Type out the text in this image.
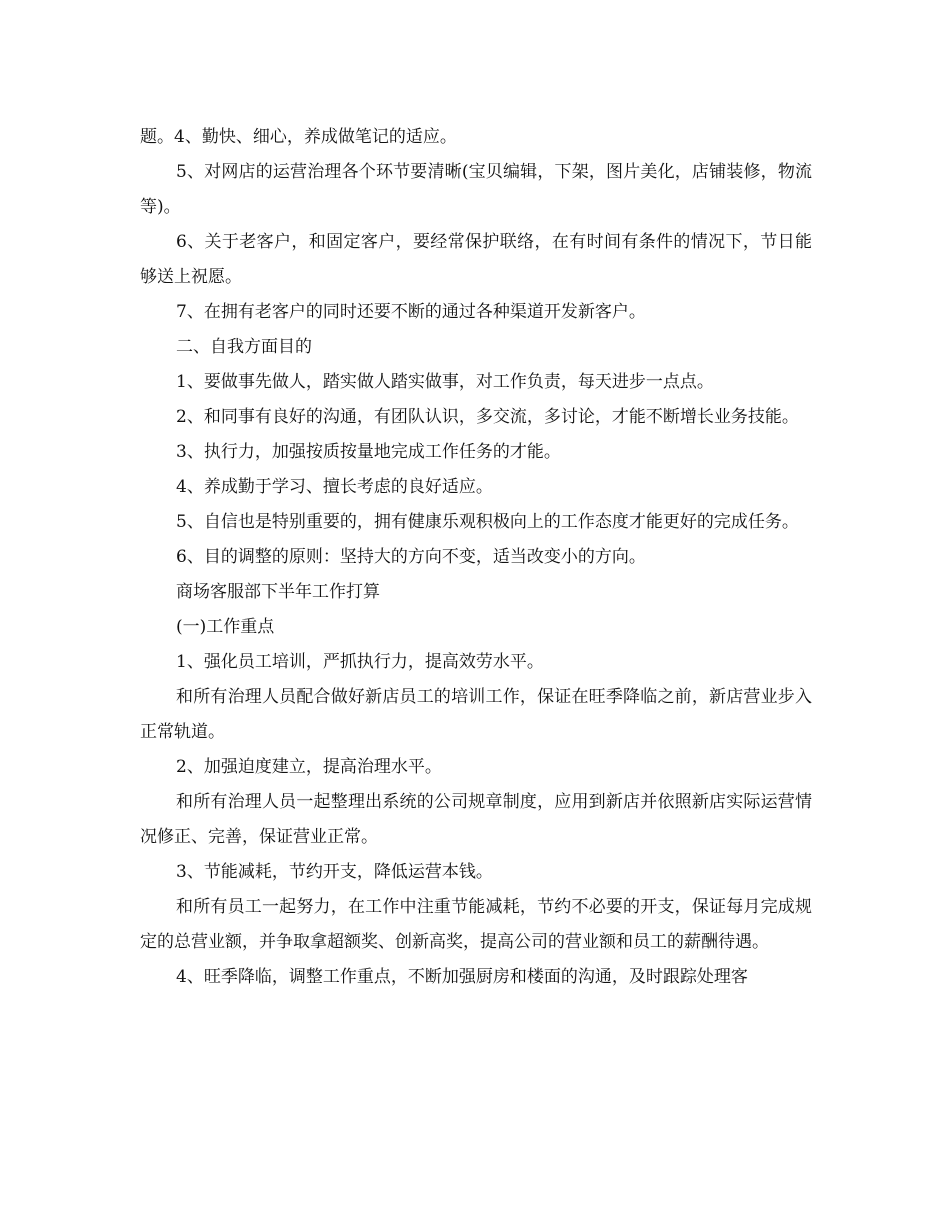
题。4、勤快、细心，养成做笔记的适应。

5、对网店的运营治理各个环节要清晰(宝贝编辑，下架，图片美化，店铺装修，物流等)。

6、关于老客户，和固定客户，要经常保护联络，在有时间有条件的情况下，节日能够送上祝愿。

7、在拥有老客户的同时还要不断的通过各种渠道开发新客户。

二、自我方面目的

1、要做事先做人，踏实做人踏实做事，对工作负责，每天进步一点点。

2、和同事有良好的沟通，有团队认识，多交流，多讨论，才能不断增长业务技能。

3、执行力，加强按质按量地完成工作任务的才能。

4、养成勤于学习、擅长考虑的良好适应。

5、自信也是特别重要的，拥有健康乐观积极向上的工作态度才能更好的完成任务。

6、目的调整的原则：坚持大的方向不变，适当改变小的方向。

商场客服部下半年工作打算

(一)工作重点

1、强化员工培训，严抓执行力，提高效劳水平。

和所有治理人员配合做好新店员工的培训工作，保证在旺季降临之前，新店营业步入正常轨道。

2、加强迫度建立，提高治理水平。

和所有治理人员一起整理出系统的公司规章制度，应用到新店并依照新店实际运营情况修正、完善，保证营业正常。

3、节能减耗，节约开支，降低运营本钱。

和所有员工一起努力，在工作中注重节能减耗，节约不必要的开支，保证每月完成规定的总营业额，并争取拿超额奖、创新高奖，提高公司的营业额和员工的薪酬待遇。

4、旺季降临，调整工作重点，不断加强厨房和楼面的沟通，及时跟踪处理客
